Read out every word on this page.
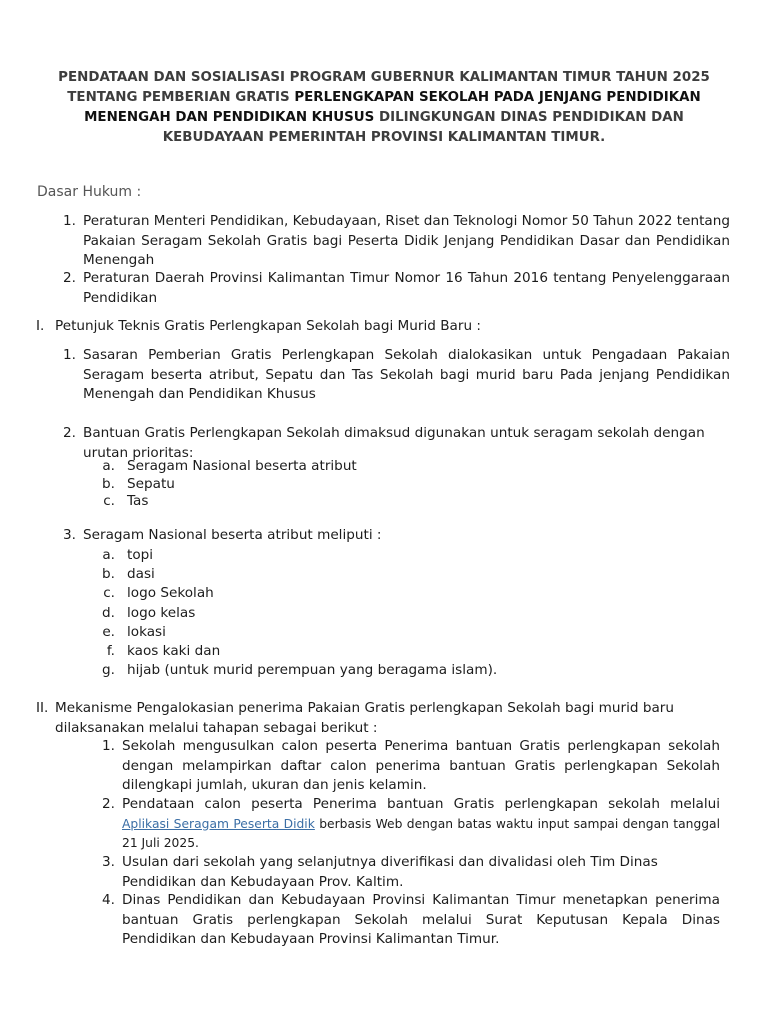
PENDATAAN DAN SOSIALISASI PROGRAM GUBERNUR KALIMANTAN TIMUR TAHUN 2025 TENTANG PEMBERIAN GRATIS PERLENGKAPAN SEKOLAH PADA JENJANG PENDIDIKAN MENENGAH DAN PENDIDIKAN KHUSUS DILINGKUNGAN DINAS PENDIDIKAN DAN KEBUDAYAAN PEMERINTAH PROVINSI KALIMANTAN TIMUR.
Dasar Hukum :
1. Peraturan Menteri Pendidikan, Kebudayaan, Riset dan Teknologi Nomor 50 Tahun 2022 tentang Pakaian Seragam Sekolah Gratis bagi Peserta Didik Jenjang Pendidikan Dasar dan Pendidikan Menengah
2. Peraturan Daerah Provinsi Kalimantan Timur Nomor 16 Tahun 2016 tentang Penyelenggaraan Pendidikan
I. Petunjuk Teknis Gratis Perlengkapan Sekolah bagi Murid Baru :
1. Sasaran Pemberian Gratis Perlengkapan Sekolah dialokasikan untuk Pengadaan Pakaian Seragam beserta atribut, Sepatu dan Tas Sekolah bagi murid baru Pada jenjang Pendidikan Menengah dan Pendidikan Khusus
2. Bantuan Gratis Perlengkapan Sekolah dimaksud digunakan untuk seragam sekolah dengan urutan prioritas:
a. Seragam Nasional beserta atribut
b. Sepatu
c. Tas
3. Seragam Nasional beserta atribut meliputi :
a. topi
b. dasi
c. logo Sekolah
d. logo kelas
e. lokasi
f. kaos kaki dan
g. hijab (untuk murid perempuan yang beragama islam).
II. Mekanisme Pengalokasian penerima Pakaian Gratis perlengkapan Sekolah bagi murid baru dilaksanakan melalui tahapan sebagai berikut :
1. Sekolah mengusulkan calon peserta Penerima bantuan Gratis perlengkapan sekolah dengan melampirkan daftar calon penerima bantuan Gratis perlengkapan Sekolah dilengkapi jumlah, ukuran dan jenis kelamin.
2. Pendataan calon peserta Penerima bantuan Gratis perlengkapan sekolah melalui Aplikasi Seragam Peserta Didik berbasis Web dengan batas waktu input sampai dengan tanggal 21 Juli 2025.
3. Usulan dari sekolah yang selanjutnya diverifikasi dan divalidasi oleh Tim Dinas Pendidikan dan Kebudayaan Prov. Kaltim.
4. Dinas Pendidikan dan Kebudayaan Provinsi Kalimantan Timur menetapkan penerima bantuan Gratis perlengkapan Sekolah melalui Surat Keputusan Kepala Dinas Pendidikan dan Kebudayaan Provinsi Kalimantan Timur.
